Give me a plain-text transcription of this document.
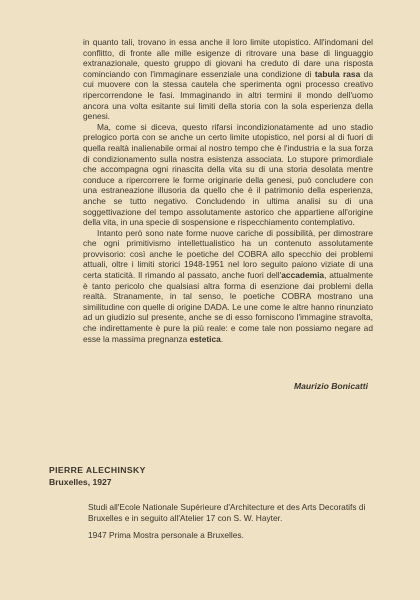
in quanto tali, trovano in essa anche il loro limite utopistico. All'indomani del conflitto, di fronte alle mille esigenze di ritrovare una base di linguaggio extranazionale, questo gruppo di giovani ha creduto di dare una risposta cominciando con l'immaginare essenziale una condizione di tabula rasa da cui muovere con la stessa cautela che sperimenta ogni processo creativo ripercorrendone le fasi. Immaginando in altri termini il mondo dell'uomo ancora una volta esitante sui limiti della storia con la sola esperienza della genesi.

Ma, come si diceva, questo rifarsi incondizionatamente ad uno stadio prelogico porta con se anche un certo limite utopistico, nel porsi al di fuori di quella realtà inalienabile ormai al nostro tempo che è l'industria e la sua forza di condizionamento sulla nostra esistenza associata. Lo stupore primordiale che accompagna ogni rinascita della vita su di una storia desolata mentre conduce a ripercorrere le forme originarie della genesi, può concludere con una estraneazione illusoria da quello che è il patrimonio della esperienza, anche se tutto negativo. Concludendo in ultima analisi su di una soggettivazione del tempo assolutamente astorico che appartiene all'origine della vita, in una specie di sospensione e rispecchiamento contemplativo.

Intanto però sono nate forme nuove cariche di possibilità, per dimostrare che ogni primitivismo intellettualistico ha un contenuto assolutamente provvisorio: così anche le poetiche del COBRA allo specchio dei problemi attuali, oltre i limiti storici 1948-1951 nel loro seguito paiono viziate di una certa staticità. Il rimando al passato, anche fuori dell'accademia, attualmente è tanto pericolo che qualsiasi altra forma di esenzione dai problemi della realtà. Stranamente, in tal senso, le poetiche COBRA mostrano una similitudine con quelle di origine DADA. Le une come le altre hanno rinunziato ad un giudizio sul presente, anche se di esso forniscono l'immagine stravolta, che indirettamente è pure la più reale: e come tale non possiamo negare ad esse la massima pregnanza estetica.

Maurizio Bonicatti
PIERRE ALECHINSKY
Bruxelles, 1927

Studi all'Ecole Nationale Supérieure d'Architecture et des Arts Decoratifs di Bruxelles e in seguito all'Atelier 17 con S. W. Hayter.

1947 Prima Mostra personale a Bruxelles.
